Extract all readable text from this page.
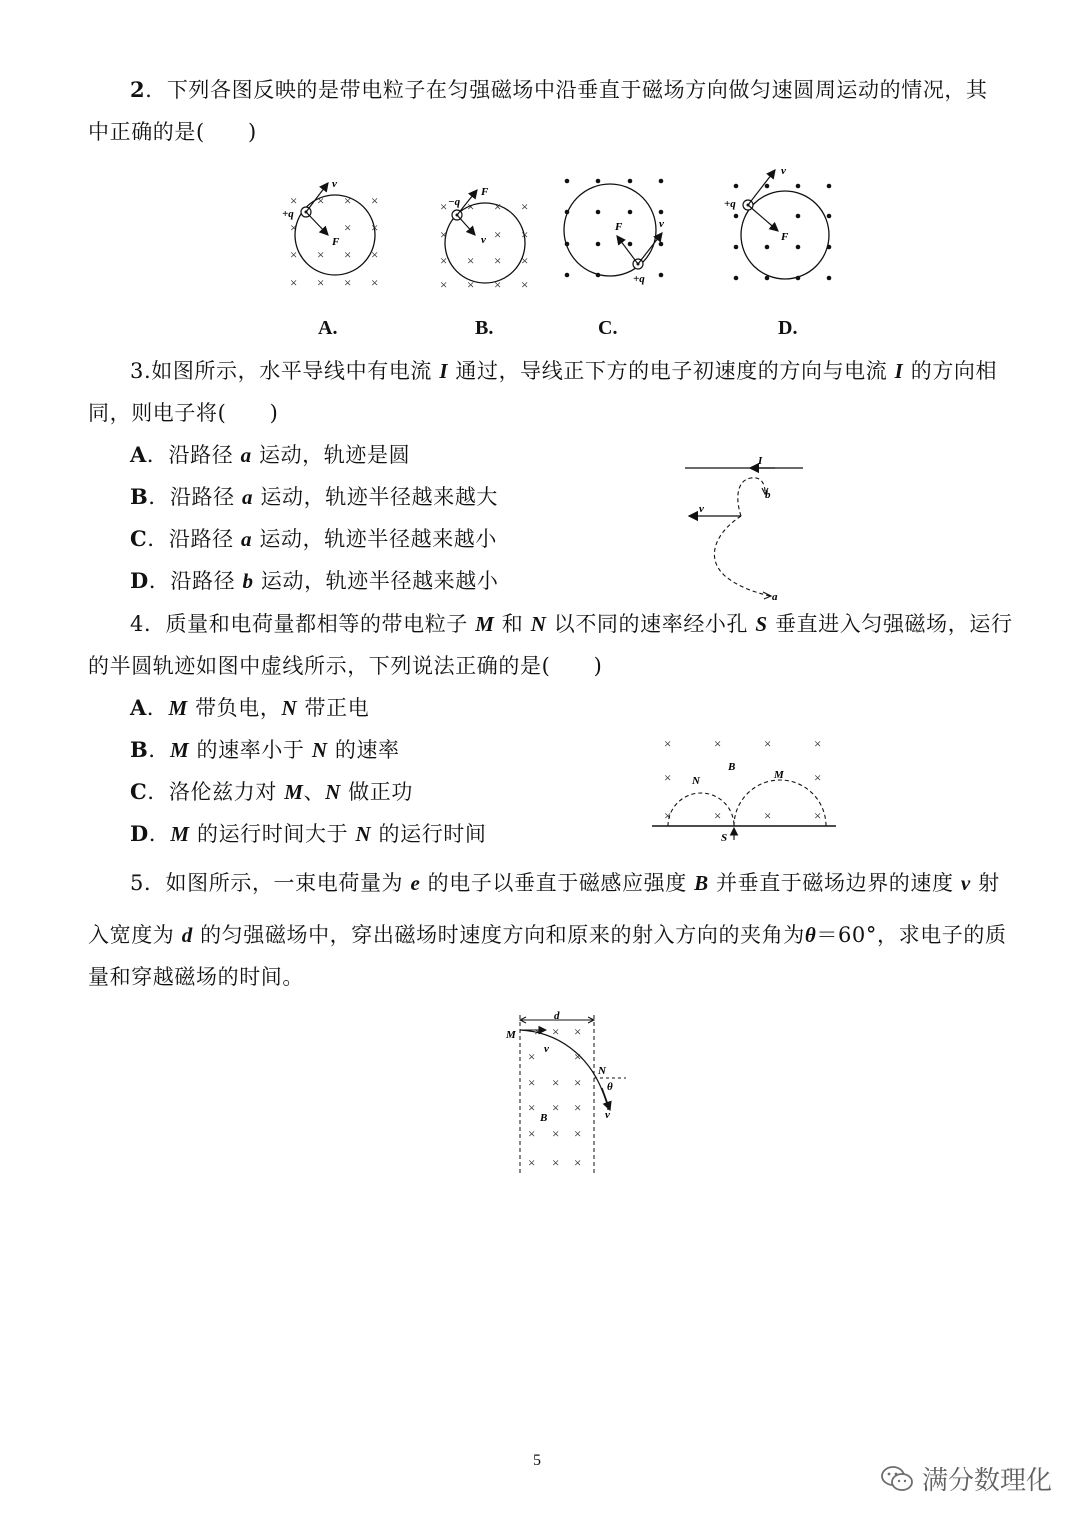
2．下列各图反映的是带电粒子在匀强磁场中沿垂直于磁场方向做匀速圆周运动的情况，其
中正确的是(　　)
× × × ×
×	× ×
× × × ×
× × × ×
v
F
+q	× × × ×
×	× ×
× × × ×
× × × ×
F
v
−q
v
F
+q
v
F
+q
A.	B.	C.	D.
3.如图所示，水平导线中有电流 I 通过，导线正下方的电子初速度的方向与电流 I 的方向相
同，则电子将(　　)
A．沿路径 a 运动，轨迹是圆
B．沿路径 a 运动，轨迹半径越来越大
C．沿路径 a 运动，轨迹半径越来越小
D．沿路径 b 运动，轨迹半径越来越小
I
b
v
a
4．质量和电荷量都相等的带电粒子 M 和 N 以不同的速率经小孔 S 垂直进入匀强磁场，运行
的半圆轨迹如图中虚线所示，下列说法正确的是(　　)
A．M 带负电，N 带正电
B．M 的速率小于 N 的速率
C．洛伦兹力对 M、N 做正功
D．M 的运行时间大于 N 的运行时间
×	×	×	×
×	×
×	×	×	×
N
B
M
S
5．如图所示，一束电荷量为 e 的电子以垂直于磁感应强度 B 并垂直于磁场边界的速度 v 射
入宽度为 d 的匀强磁场中，穿出磁场时速度方向和原来的射入方向的夹角为θ＝60°，求电子的质
量和穿越磁场的时间。
d
× × ×
×	×
× × ×
× × ×
× × ×
× × ×
M
v
N
θ
B	v
5
满分数理化
